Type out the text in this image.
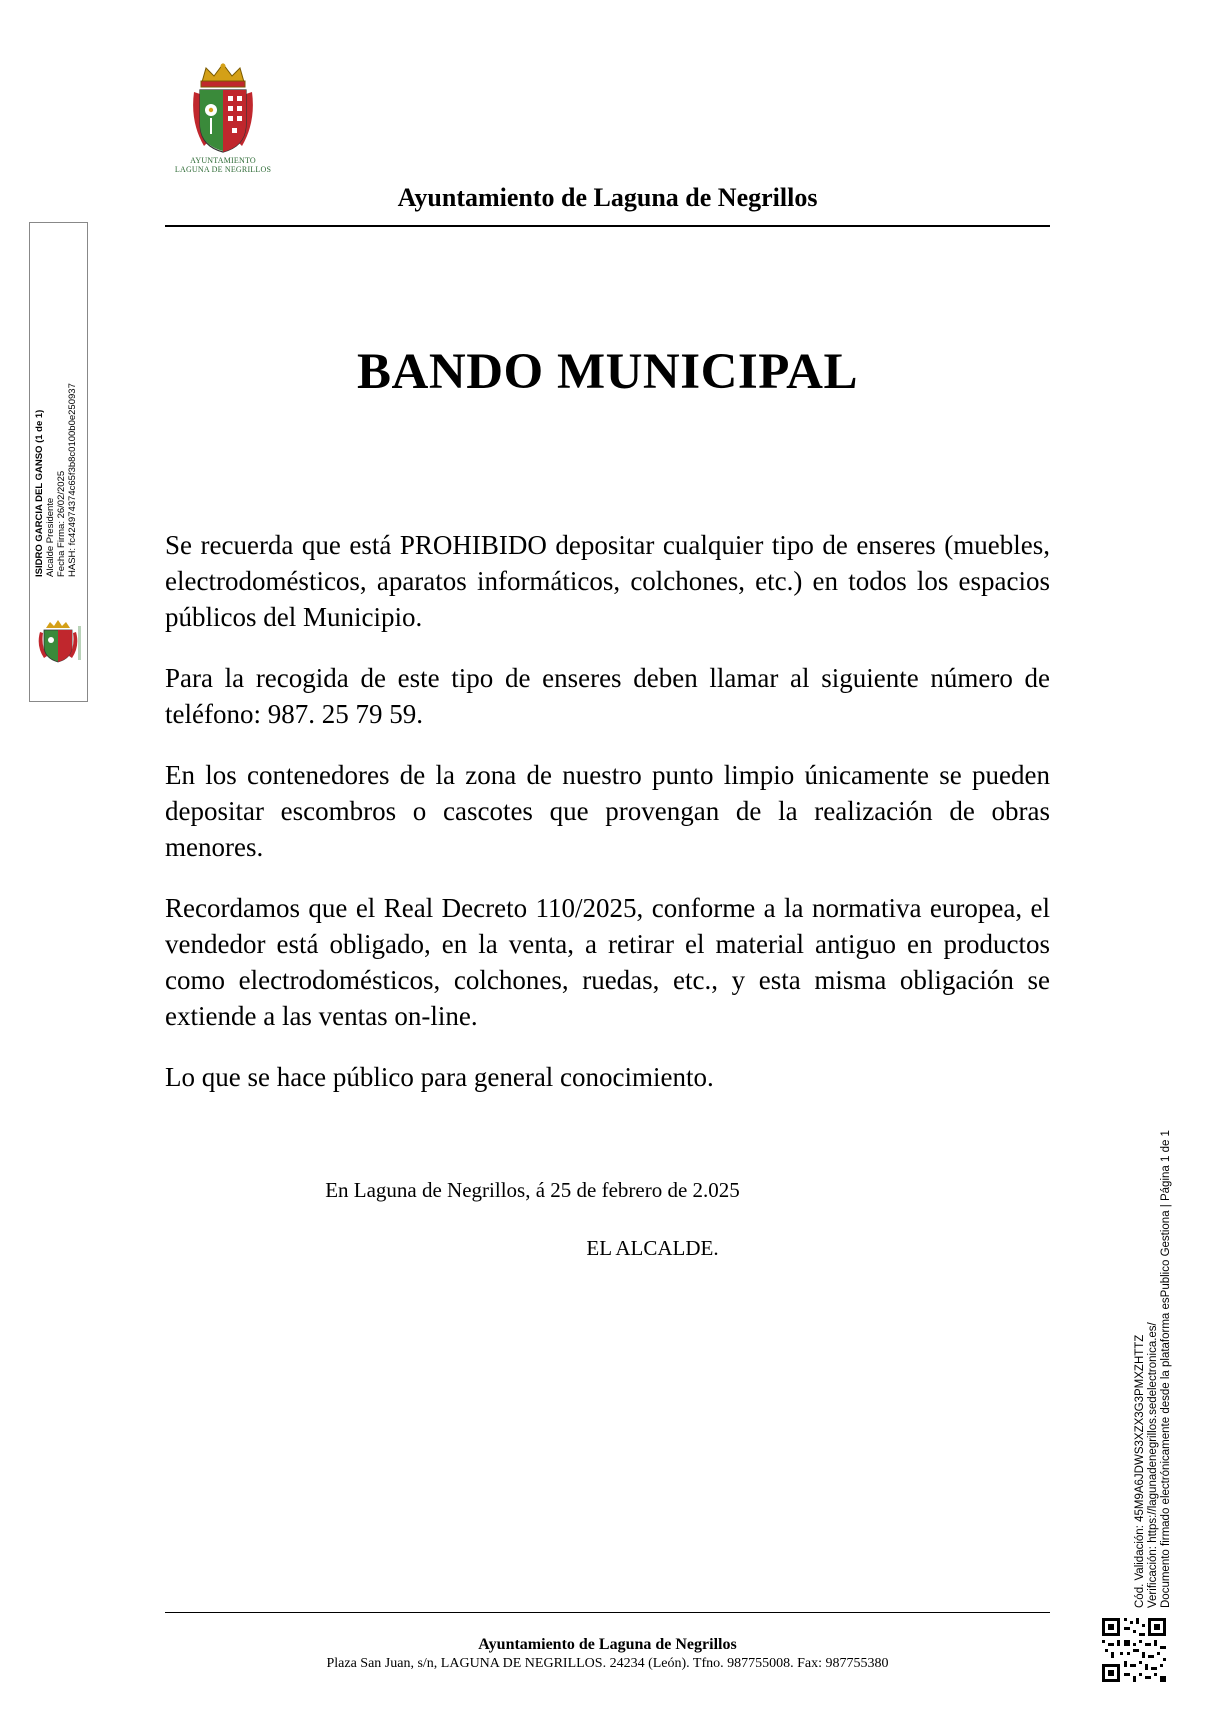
AYUNTAMIENTO
LAGUNA DE NEGRILLOS
Ayuntamiento de Laguna de Negrillos
BANDO MUNICIPAL

Se recuerda que está PROHIBIDO depositar cualquier tipo de enseres (muebles, electrodomésticos, aparatos informáticos, colchones, etc.) en todos los espacios públicos del Municipio.

Para la recogida de este tipo de enseres deben llamar al siguiente número de teléfono: 987. 25 79 59.

En los contenedores de la zona de nuestro punto limpio únicamente se pueden depositar escombros o cascotes que provengan de la realización de obras menores.

Recordamos que el Real Decreto 110/2025, conforme a la normativa europea, el vendedor está obligado, en la venta, a retirar el material antiguo en productos como electrodomésticos, colchones, ruedas, etc., y esta misma obligación se extiende a las ventas on-line.

Lo que se hace público para general conocimiento.

En Laguna de Negrillos, á 25 de febrero de 2.025
EL ALCALDE.
Ayuntamiento de Laguna de Negrillos
Plaza San Juan, s/n, LAGUNA DE NEGRILLOS. 24234 (León). Tfno. 987755008. Fax: 987755380
ISIDRO GARCIA DEL GANSO (1 de 1) Alcalde Presidente Fecha Firma: 26/02/2025 HASH: fc424974374c65f3b8c0100b0e250937
Cód. Validación: 45M9A6JDWS3XZX3G3PMXZHTTZ Verificación: https://lagunadenegrillos.sedelectronica.es/ Documento firmado electrónicamente desde la plataforma esPublico Gestiona | Página 1 de 1
